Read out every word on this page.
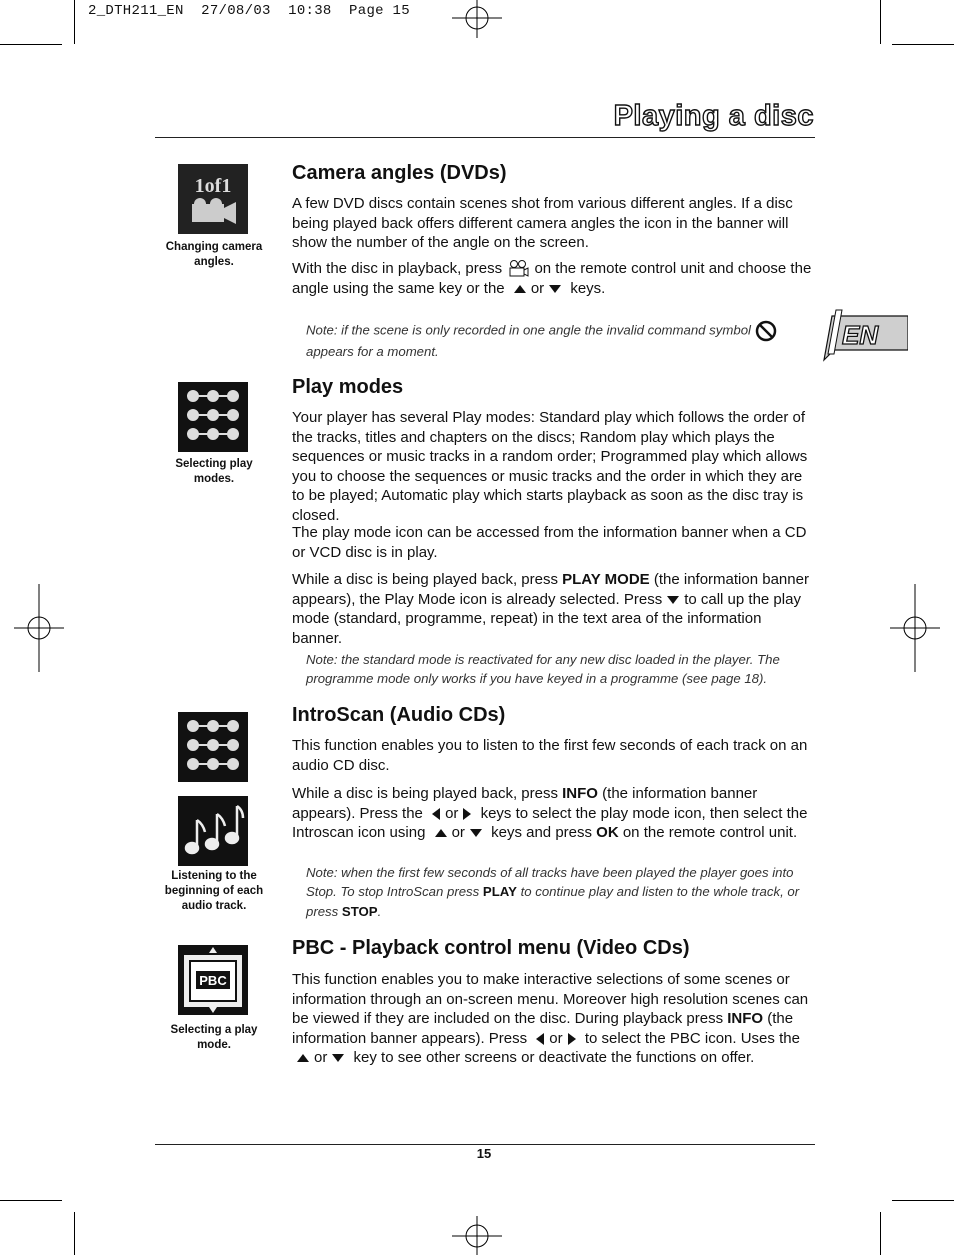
2_DTH211_EN  27/08/03  10:38  Page 15
Playing a disc
EN
1of1
Changing camera angles.
Camera angles (DVDs)
A few DVD discs contain scenes shot from various different angles. If a disc being played back offers different camera angles the icon in the banner will show the number of the angle on the screen.
With the disc in playback, press on the remote control unit and choose the angle using the same key or the or keys.
Note: if the scene is only recorded in one angle the invalid command symbol  appears for a moment.
Selecting play modes.
Play modes
Your player has several Play modes: Standard play which follows the order of the tracks, titles and chapters on the discs; Random play which plays the sequences or music tracks in a random order; Programmed play which allows you to choose the sequences or music tracks and the order in which they are to be played; Automatic play which starts playback as soon as the disc tray is closed.
The play mode icon can be accessed from the information banner when a CD or VCD disc is in play.
While a disc is being played back, press PLAY MODE (the information banner appears), the Play Mode icon is already selected. Press to call up the play mode (standard, programme, repeat) in the text area of the information banner.
Note: the standard mode is reactivated for any new disc loaded in the player. The programme mode only works if you have keyed in a programme (see page 18).
Listening to the beginning of each audio track.
IntroScan (Audio CDs)
This function enables you to listen to the first few seconds of each track on an audio CD disc.
While a disc is being played back, press INFO (the information banner appears). Press the or keys to select the play mode icon, then select the Introscan icon using or keys and press OK on the remote control unit.
Note: when the first few seconds of all tracks have been played the player goes into Stop. To stop IntroScan press PLAY to continue play and listen to the whole track, or press STOP.
PBC
Selecting a play mode.
PBC - Playback control menu (Video CDs)
This function enables you to make interactive selections of some scenes or information through an on-screen menu. Moreover high resolution scenes can be viewed if they are included on the disc. During playback press INFO (the information banner appears). Press or to select the PBC icon. Uses the or key to see other screens or deactivate the functions on offer.
15
